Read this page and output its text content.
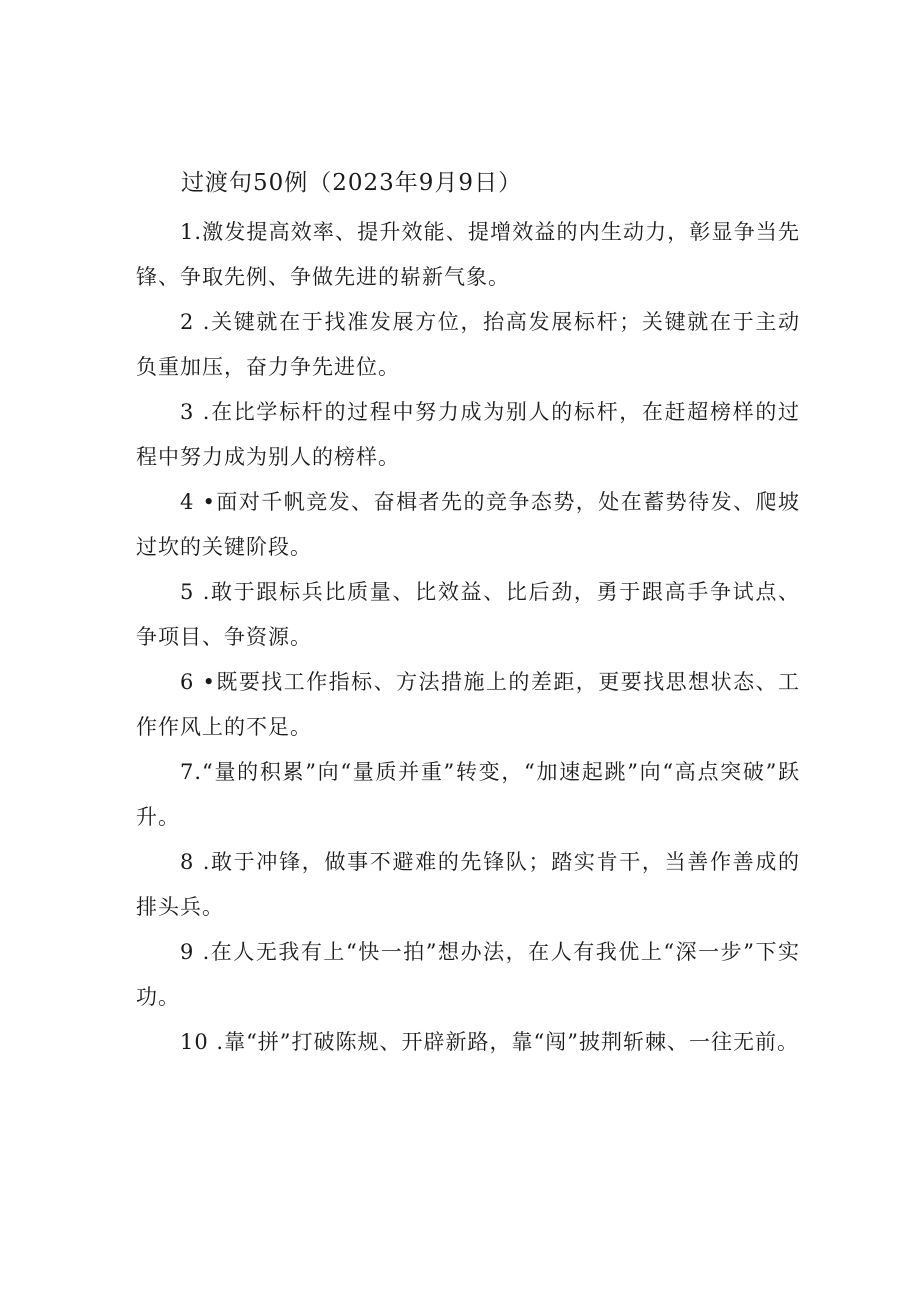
过渡句50例（2023年9月9日）

1.激发提高效率、提升效能、提增效益的内生动力，彰显争当先锋、争取先例、争做先进的崭新气象。

2 .关键就在于找准发展方位，抬高发展标杆；关键就在于主动负重加压，奋力争先进位。

3 .在比学标杆的过程中努力成为别人的标杆，在赶超榜样的过程中努力成为别人的榜样。

4 •面对千帆竞发、奋楫者先的竞争态势，处在蓄势待发、爬坡过坎的关键阶段。

5 .敢于跟标兵比质量、比效益、比后劲，勇于跟高手争试点、争项目、争资源。

6 •既要找工作指标、方法措施上的差距，更要找思想状态、工作作风上的不足。

7.“量的积累”向“量质并重”转变，“加速起跳”向“高点突破”跃升。

8 .敢于冲锋，做事不避难的先锋队；踏实肯干，当善作善成的排头兵。

9 .在人无我有上“快一拍”想办法，在人有我优上“深一步”下实功。

10 .靠“拼”打破陈规、开辟新路，靠“闯”披荆斩棘、一往无前。
